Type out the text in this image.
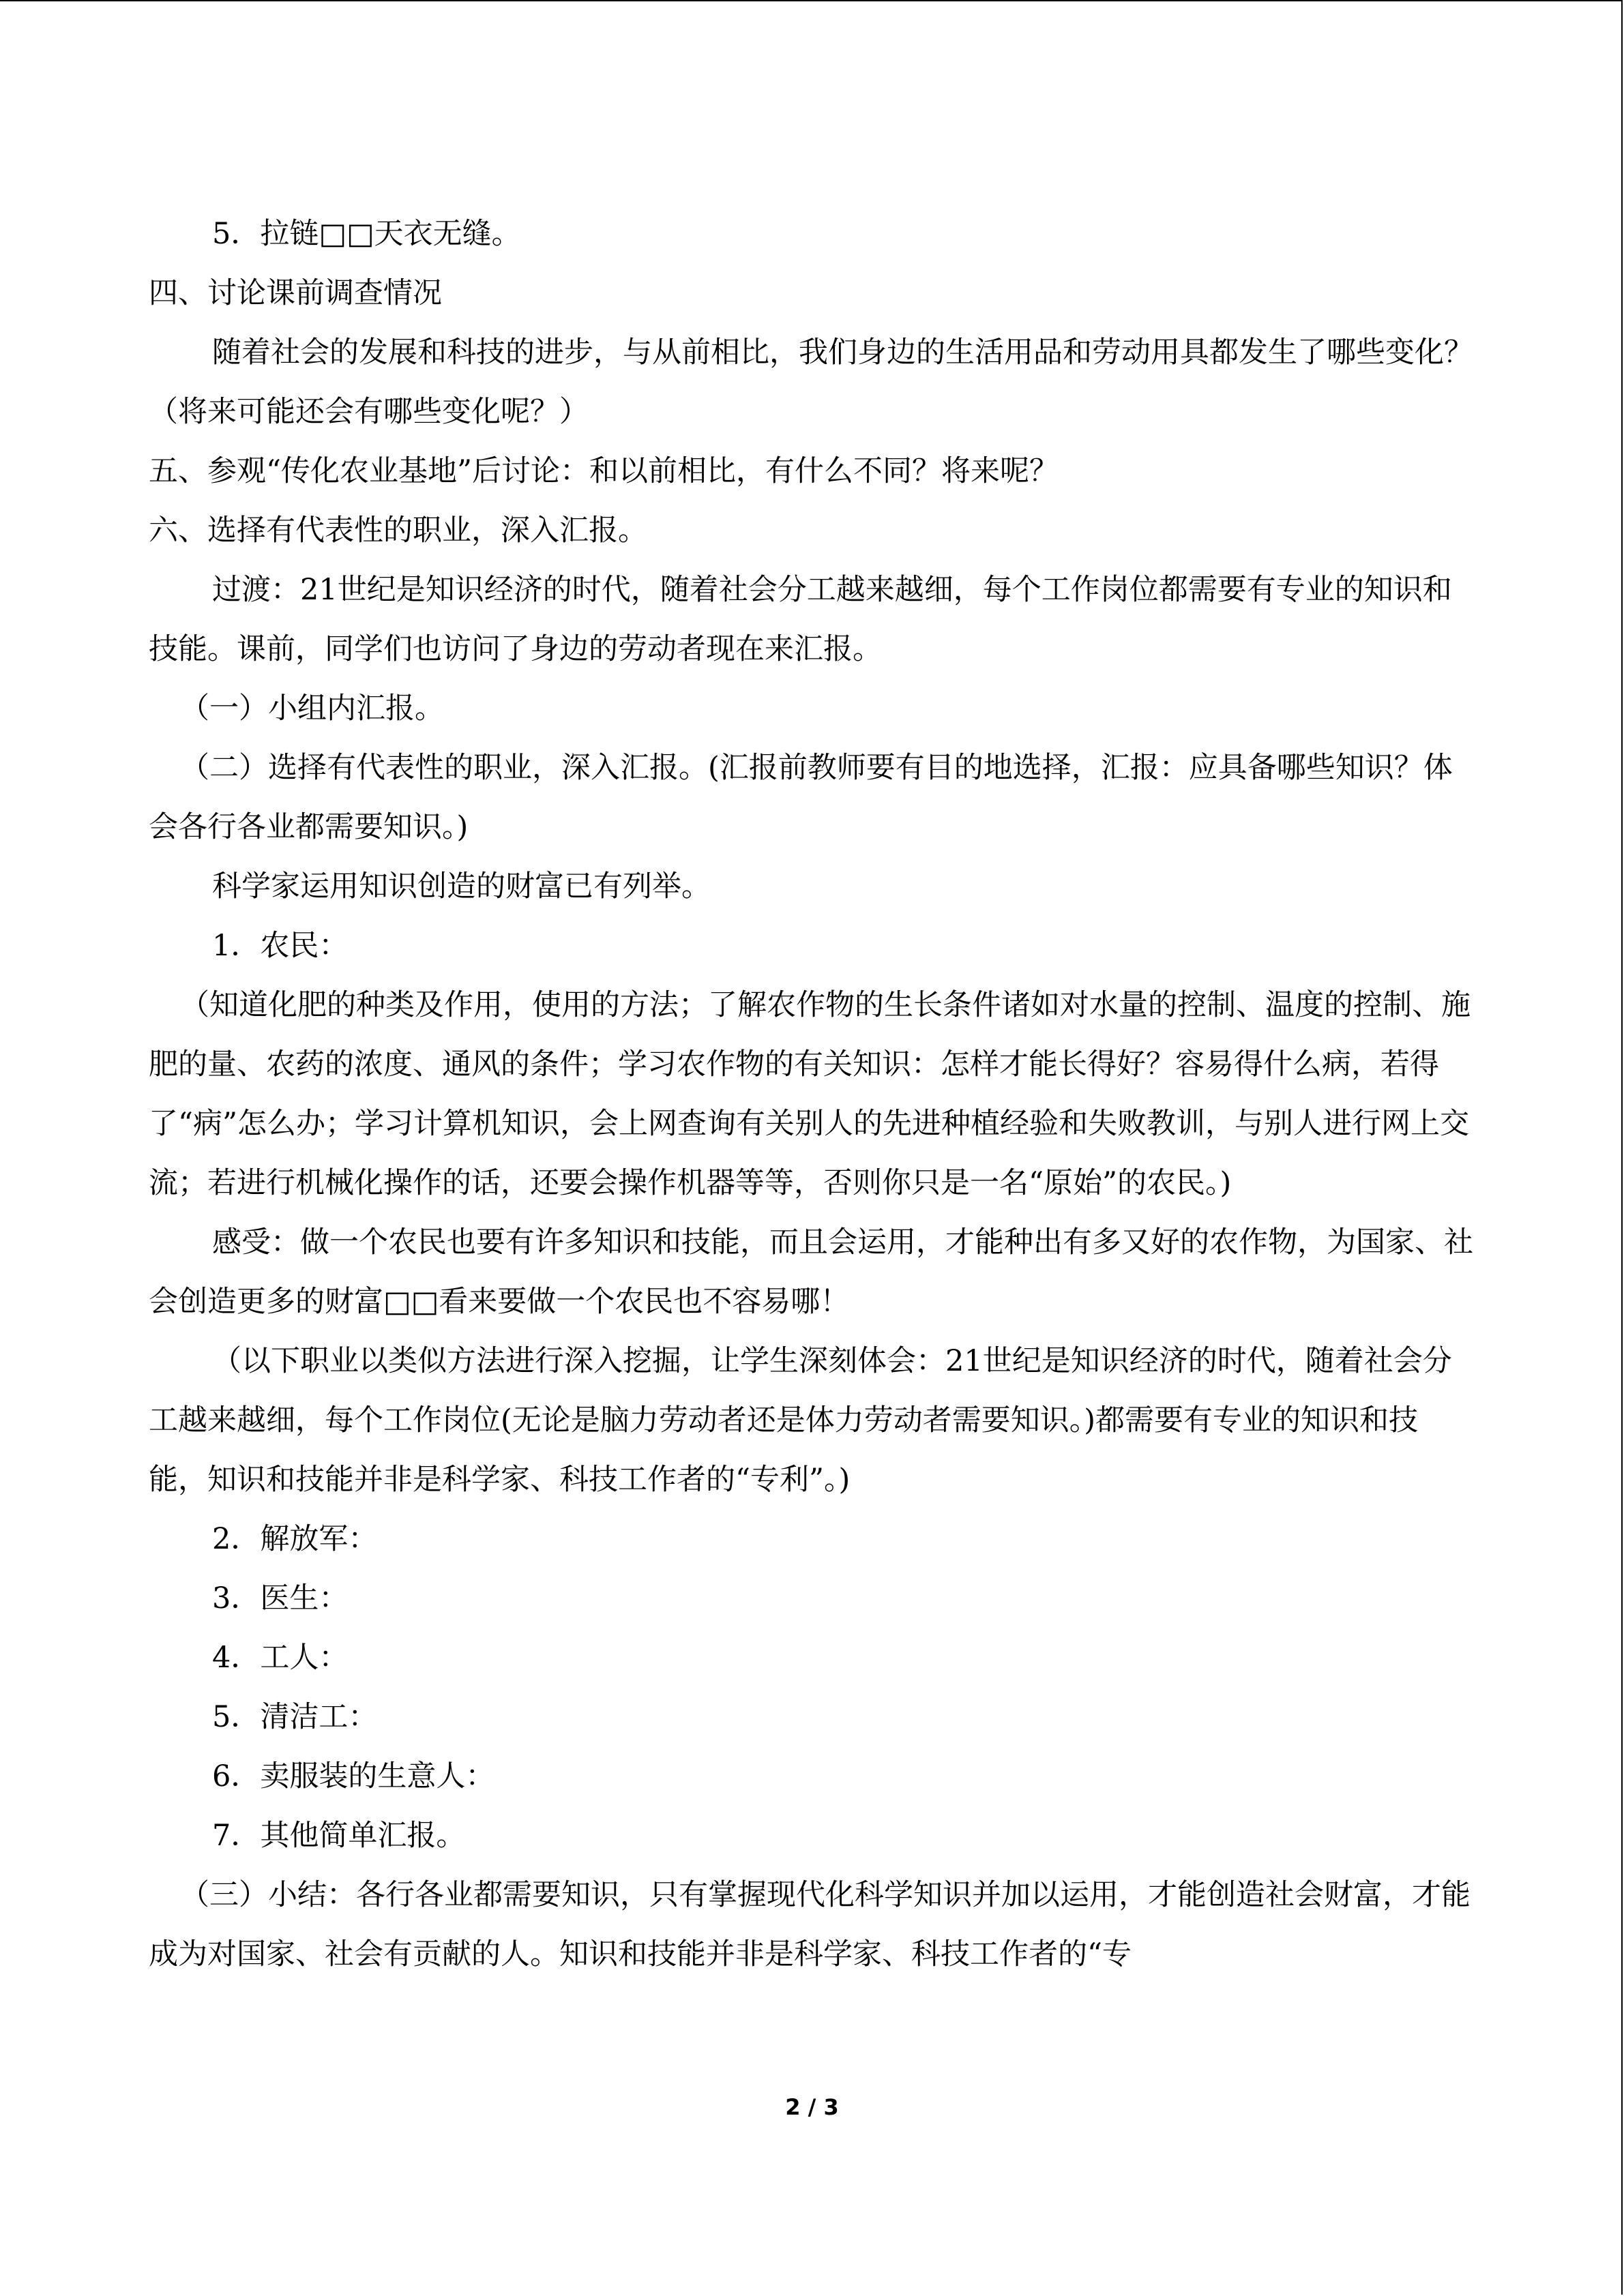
5．拉链□□天衣无缝。

四、讨论课前调查情况

随着社会的发展和科技的进步，与从前相比，我们身边的生活用品和劳动用具都发生了哪些变化？（将来可能还会有哪些变化呢？）

五、参观“传化农业基地”后讨论：和以前相比，有什么不同？将来呢？

六、选择有代表性的职业，深入汇报。

过渡：21世纪是知识经济的时代，随着社会分工越来越细，每个工作岗位都需要有专业的知识和技能。课前，同学们也访问了身边的劳动者现在来汇报。

（一）小组内汇报。

（二）选择有代表性的职业，深入汇报。(汇报前教师要有目的地选择，汇报：应具备哪些知识？体会各行各业都需要知识。)

科学家运用知识创造的财富已有列举。

1．农民：

（知道化肥的种类及作用，使用的方法；了解农作物的生长条件诸如对水量的控制、温度的控制、施肥的量、农药的浓度、通风的条件；学习农作物的有关知识：怎样才能长得好？容易得什么病，若得了“病”怎么办；学习计算机知识，会上网查询有关别人的先进种植经验和失败教训，与别人进行网上交流；若进行机械化操作的话，还要会操作机器等等，否则你只是一名“原始”的农民。)

感受：做一个农民也要有许多知识和技能，而且会运用，才能种出有多又好的农作物，为国家、社会创造更多的财富□□看来要做一个农民也不容易哪！

（以下职业以类似方法进行深入挖掘，让学生深刻体会：21世纪是知识经济的时代，随着社会分工越来越细，每个工作岗位(无论是脑力劳动者还是体力劳动者需要知识。)都需要有专业的知识和技能，知识和技能并非是科学家、科技工作者的“专利”。)

2．解放军：

3．医生：

4．工人：

5．清洁工：

6．卖服装的生意人：

7．其他简单汇报。

（三）小结：各行各业都需要知识，只有掌握现代化科学知识并加以运用，才能创造社会财富，才能成为对国家、社会有贡献的人。知识和技能并非是科学家、科技工作者的“专

2 / 3
